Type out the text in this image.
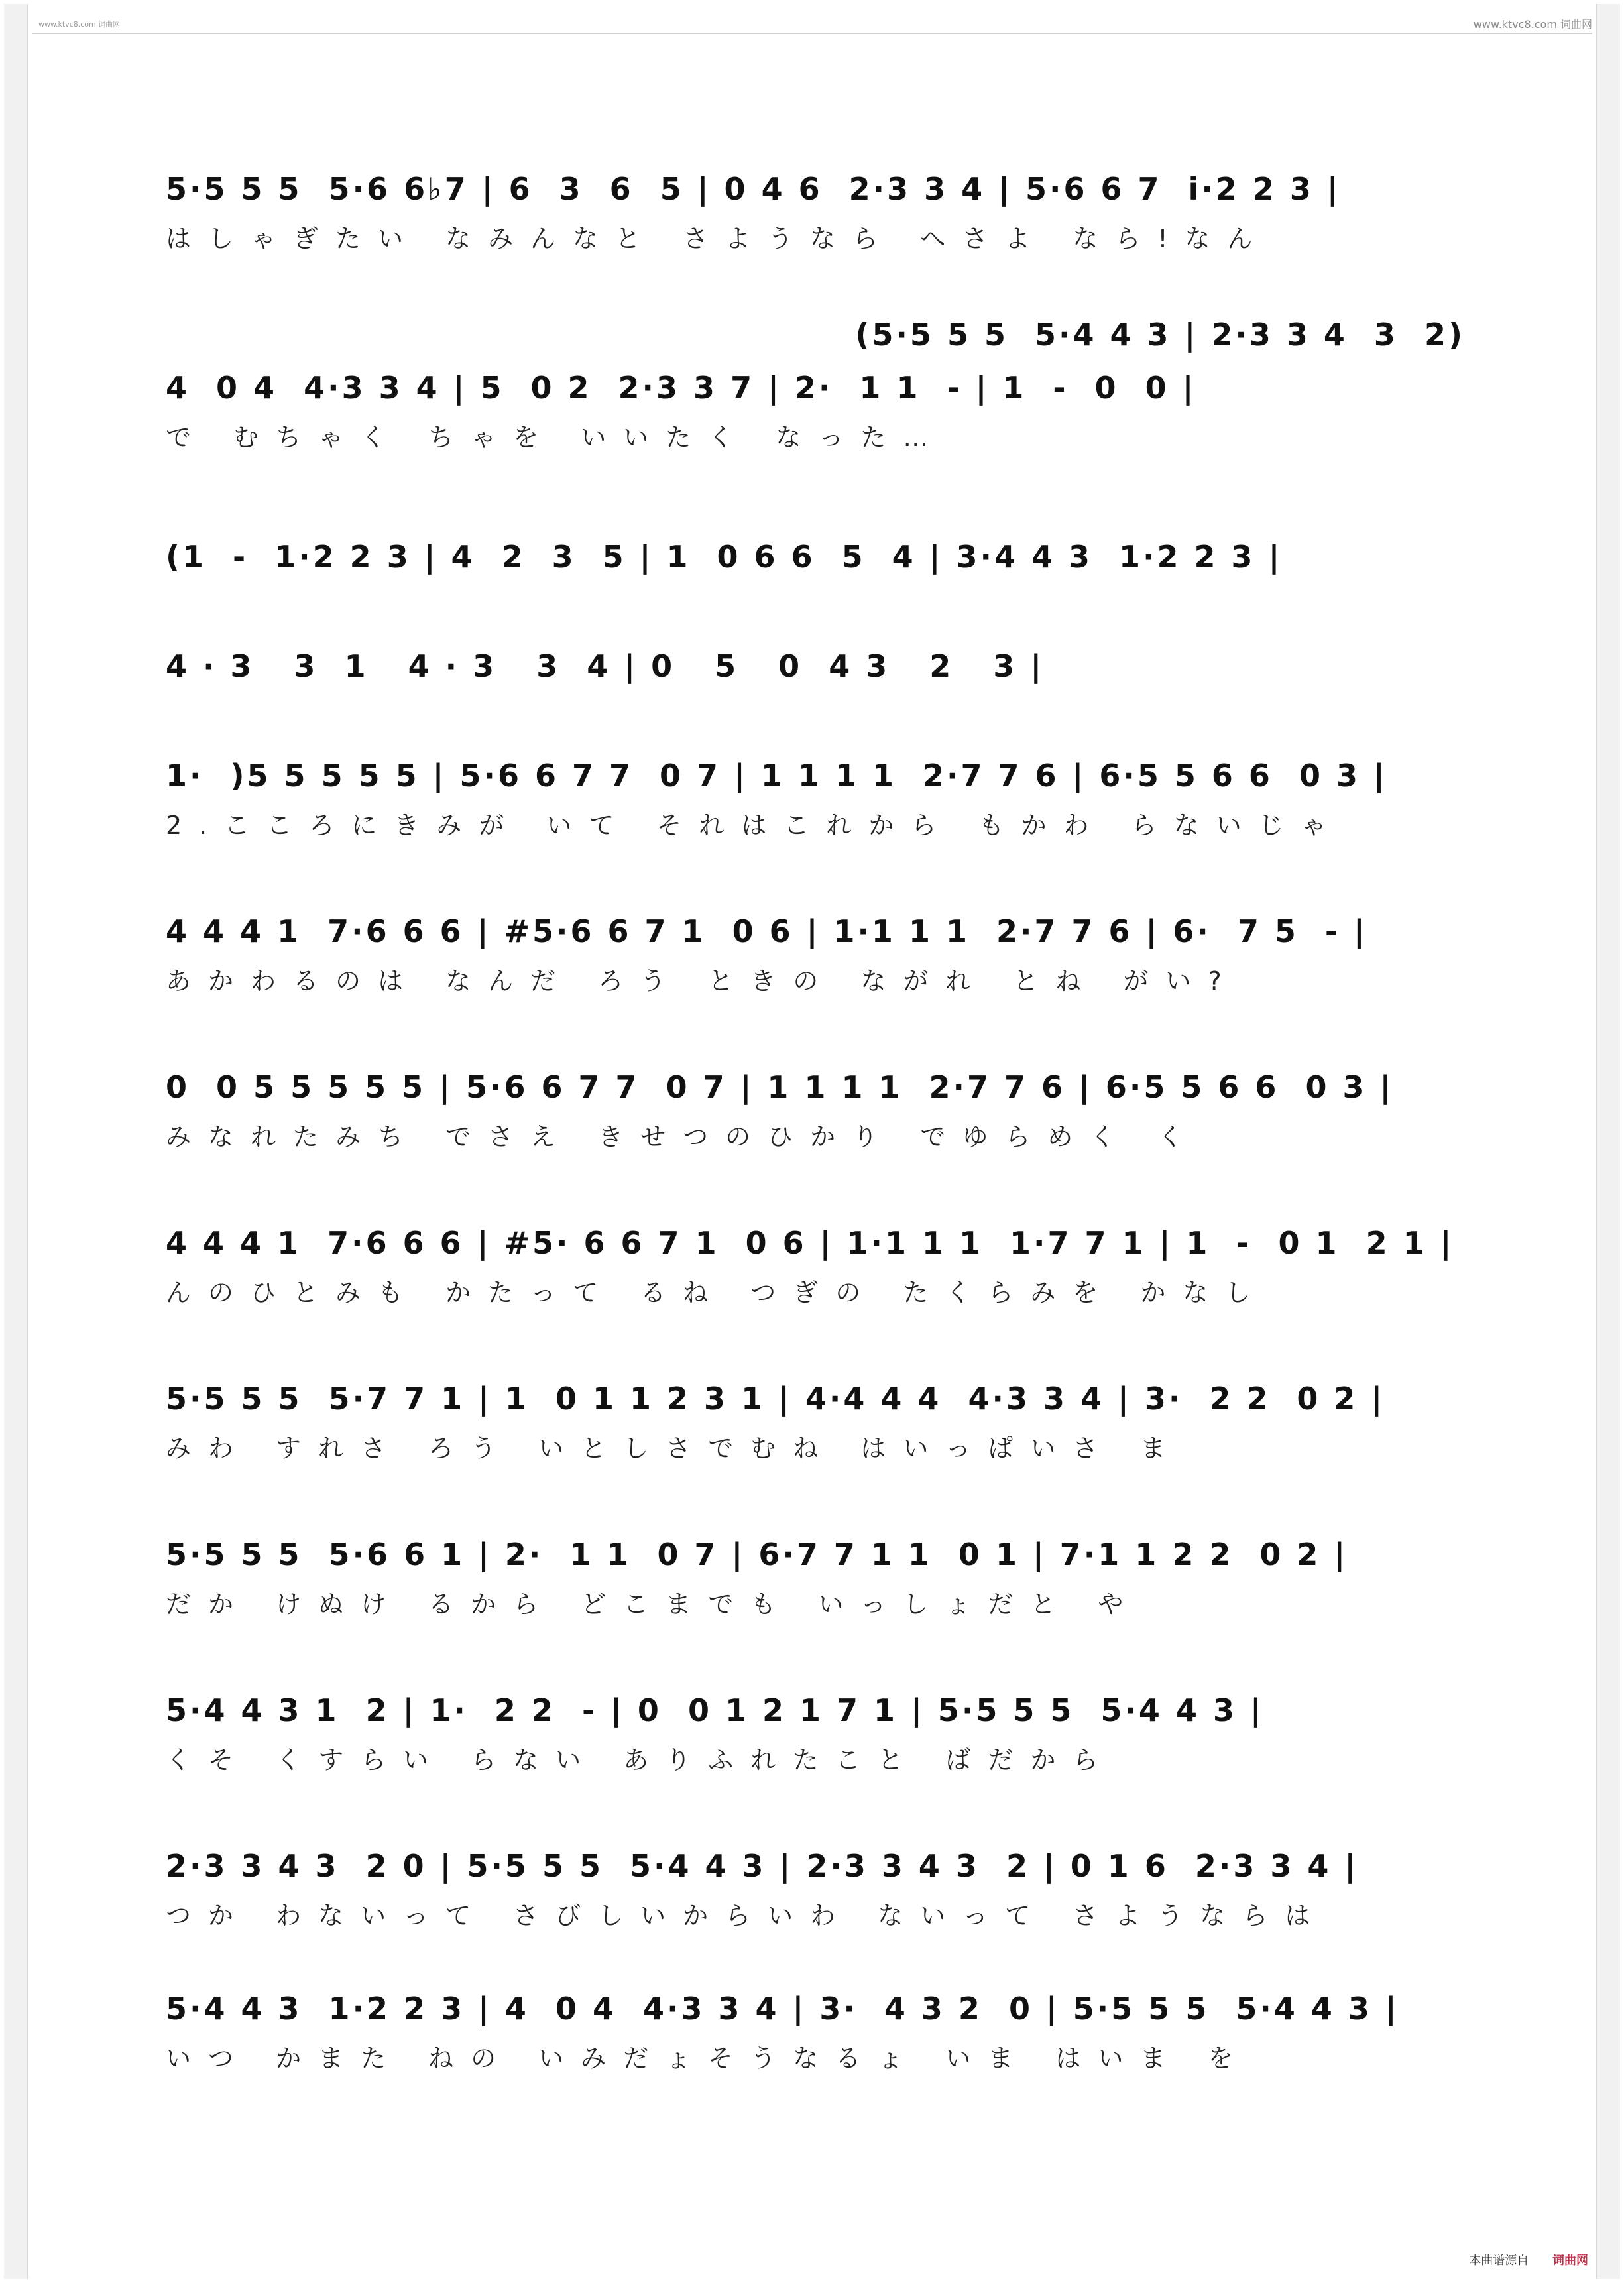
www.ktvc8.com 词曲网	www.ktvc8.com 词曲网
5·5 5 5  5·6 6♭7 | 6  3  6  5 | 0 4 6  2·3 3 4 | 5·6 6 7  i·2 2 3 |
はしゃぎたい なみんなと さようなら へさよ なら!なん
(5·5 5 5  5·4 4 3 | 2·3 3 4  3  2)
4  0 4  4·3 3 4 | 5  0 2  2·3 3 7 | 2·  1 1  - | 1  -  0  0 |
で むちゃく ちゃを いいたく なった…
(1  -  1·2 2 3 | 4  2  3  5 | 1  0 6 6  5  4 | 3·4 4 3  1·2 2 3 |
4 · 3   3  1   4 · 3   3  4 | 0   5   0  4 3   2   3 |
1·  )5 5 5 5 5 | 5·6 6 7 7  0 7 | 1 1 1 1  2·7 7 6 | 6·5 5 6 6  0 3 |
2.こころにきみが いて それはこれから もかわ らないじゃ
4 4 4 1  7·6 6 6 | #5·6 6 7 1  0 6 | 1·1 1 1  2·7 7 6 | 6·  7 5  - |
あかわるのは なんだ ろう ときの ながれ とね がい?
0  0 5 5 5 5 5 | 5·6 6 7 7  0 7 | 1 1 1 1  2·7 7 6 | 6·5 5 6 6  0 3 |
みなれたみち でさえ きせつのひかり でゆらめく く
4 4 4 1  7·6 6 6 | #5· 6 6 7 1  0 6 | 1·1 1 1  1·7 7 1 | 1  -  0 1  2 1 |
んのひとみも かたって るね つぎの たくらみを かなし
5·5 5 5  5·7 7 1 | 1  0 1 1 2 3 1 | 4·4 4 4  4·3 3 4 | 3·  2 2  0 2 |
みわ すれさ ろう いとしさでむね はいっぱいさ ま
5·5 5 5  5·6 6 1 | 2·  1 1  0 7 | 6·7 7 1 1  0 1 | 7·1 1 2 2  0 2 |
だか けぬけ るから どこまでも いっしょだと や
5·4 4 3 1  2 | 1·  2 2  - | 0  0 1 2 1 7 1 | 5·5 5 5  5·4 4 3 |
くそ くすらい らない ありふれたこと ばだから
2·3 3 4 3  2 0 | 5·5 5 5  5·4 4 3 | 2·3 3 4 3  2 | 0 1 6  2·3 3 4 |
つか わないって さびしいからいわ ないって さようならは
5·4 4 3  1·2 2 3 | 4  0 4  4·3 3 4 | 3·  4 3 2  0 | 5·5 5 5  5·4 4 3 |
いつ かまた ねの いみだょそうなるょ いま はいま を
本曲谱源自 词曲网
